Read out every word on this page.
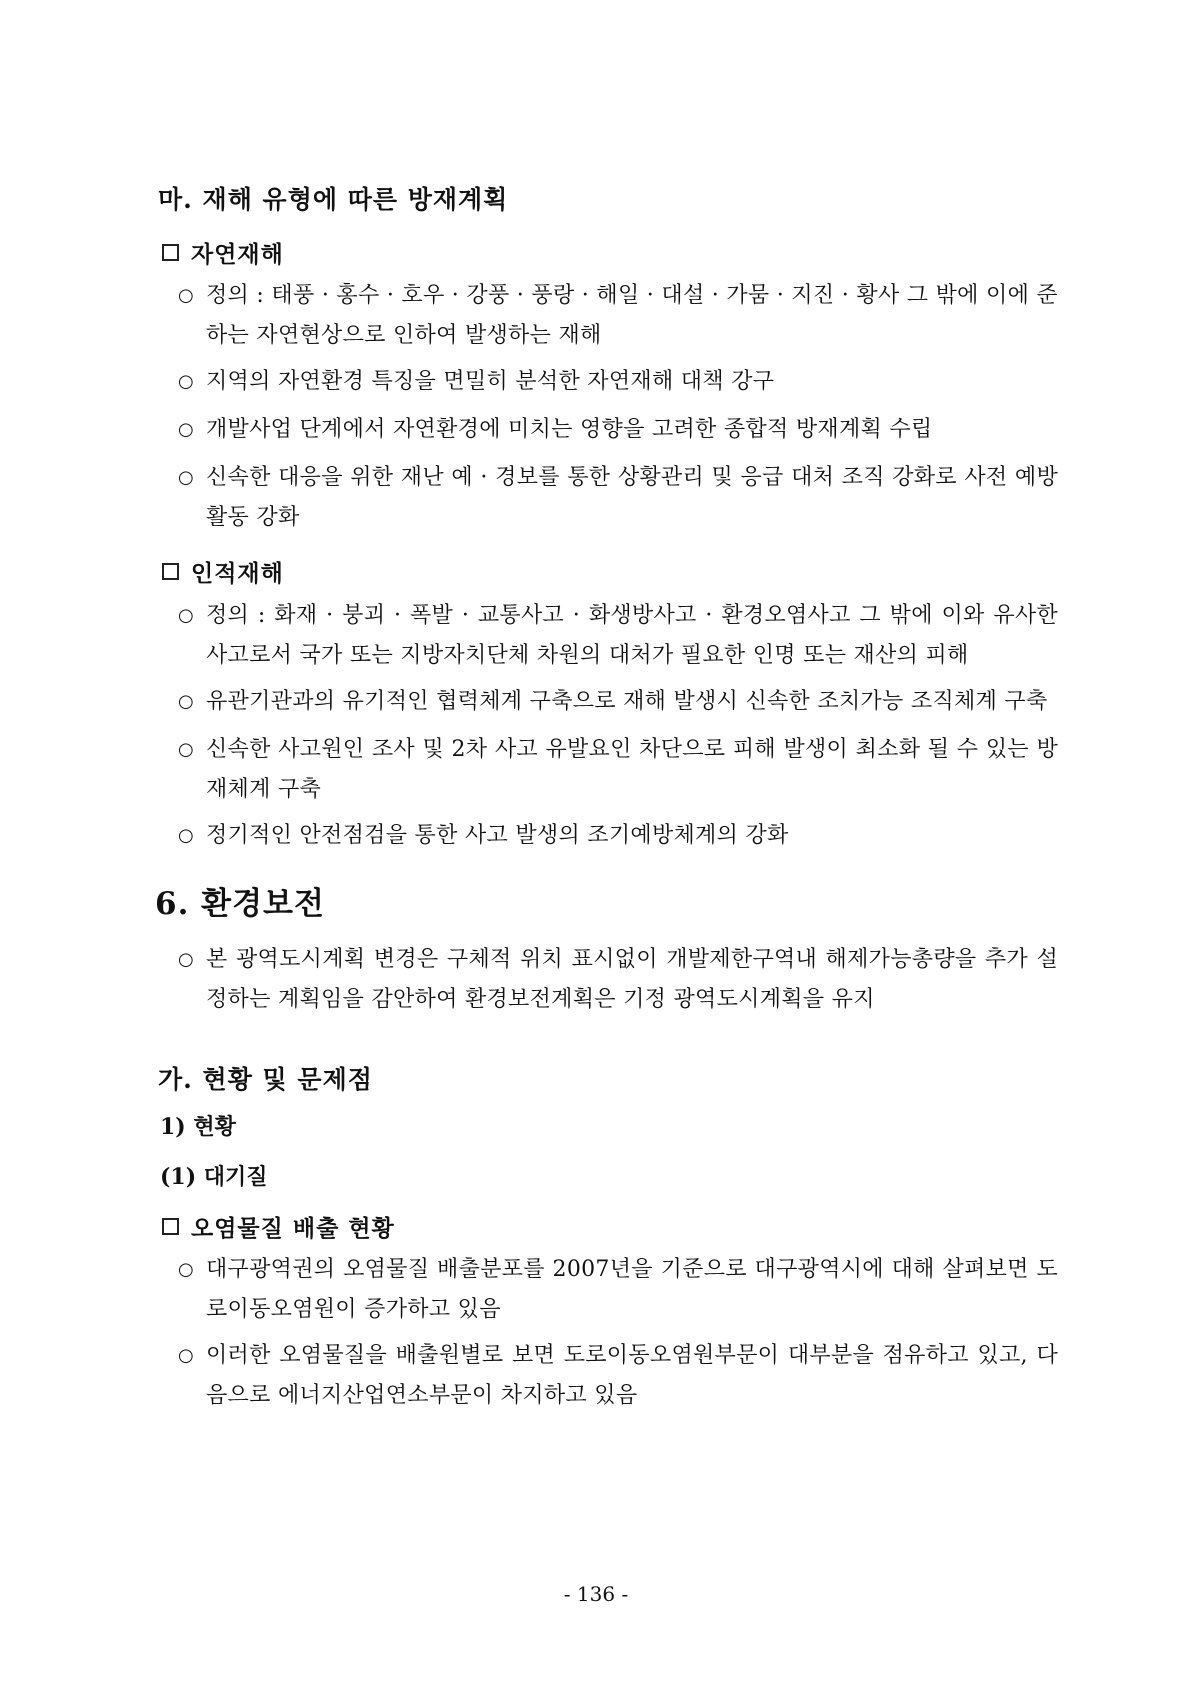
마. 재해 유형에 따른 방재계획
자연재해
○ 정의 : 태풍 · 홍수 · 호우 · 강풍 · 풍랑 · 해일 · 대설 · 가뭄 · 지진 · 황사 그 밖에 이에 준하는 자연현상으로 인하여 발생하는 재해
○ 지역의 자연환경 특징을 면밀히 분석한 자연재해 대책 강구
○ 개발사업 단계에서 자연환경에 미치는 영향을 고려한 종합적 방재계획 수립
○ 신속한 대응을 위한 재난 예 · 경보를 통한 상황관리 및 응급 대처 조직 강화로 사전 예방활동 강화
인적재해
○ 정의 : 화재 · 붕괴 · 폭발 · 교통사고 · 화생방사고 · 환경오염사고 그 밖에 이와 유사한 사고로서 국가 또는 지방자치단체 차원의 대처가 필요한 인명 또는 재산의 피해
○ 유관기관과의 유기적인 협력체계 구축으로 재해 발생시 신속한 조치가능 조직체계 구축
○ 신속한 사고원인 조사 및 2차 사고 유발요인 차단으로 피해 발생이 최소화 될 수 있는 방재체계 구축
○ 정기적인 안전점검을 통한 사고 발생의 조기예방체계의 강화
6. 환경보전
○ 본 광역도시계획 변경은 구체적 위치 표시없이 개발제한구역내 해제가능총량을 추가 설정하는 계획임을 감안하여 환경보전계획은 기정 광역도시계획을 유지
가. 현황 및 문제점
1) 현황
(1) 대기질
오염물질 배출 현황
○ 대구광역권의 오염물질 배출분포를 2007년을 기준으로 대구광역시에 대해 살펴보면 도로이동오염원이 증가하고 있음
○ 이러한 오염물질을 배출원별로 보면 도로이동오염원부문이 대부분을 점유하고 있고, 다음으로 에너지산업연소부문이 차지하고 있음
- 136 -
